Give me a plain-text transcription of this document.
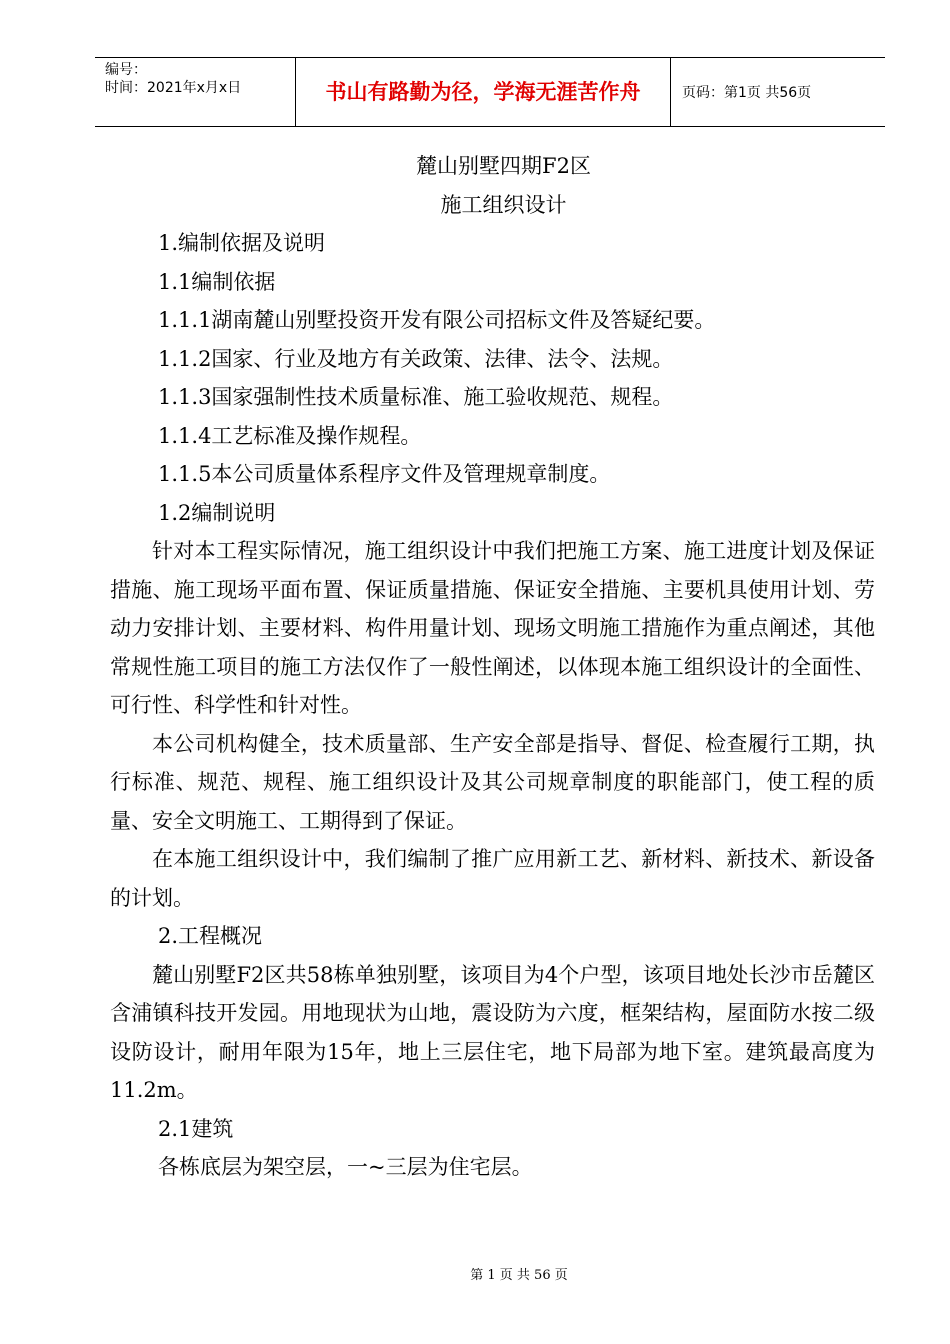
编号：
时间：2021年x月x日	书山有路勤为径，学海无涯苦作舟	页码：第1页 共56页

麓山别墅四期F2区

施工组织设计

1.编制依据及说明

1.1编制依据

1.1.1湖南麓山别墅投资开发有限公司招标文件及答疑纪要。

1.1.2国家、行业及地方有关政策、法律、法令、法规。

1.1.3国家强制性技术质量标准、施工验收规范、规程。

1.1.4工艺标准及操作规程。

1.1.5本公司质量体系程序文件及管理规章制度。

1.2编制说明

针对本工程实际情况，施工组织设计中我们把施工方案、施工进度计划及保证措施、施工现场平面布置、保证质量措施、保证安全措施、主要机具使用计划、劳动力安排计划、主要材料、构件用量计划、现场文明施工措施作为重点阐述，其他常规性施工项目的施工方法仅作了一般性阐述，以体现本施工组织设计的全面性、可行性、科学性和针对性。

本公司机构健全，技术质量部、生产安全部是指导、督促、检查履行工期，执行标准、规范、规程、施工组织设计及其公司规章制度的职能部门，使工程的质量、安全文明施工、工期得到了保证。

在本施工组织设计中，我们编制了推广应用新工艺、新材料、新技术、新设备的计划。

2.工程概况

麓山别墅F2区共58栋单独别墅，该项目为4个户型，该项目地处长沙市岳麓区含浦镇科技开发园。用地现状为山地，震设防为六度，框架结构，屋面防水按二级设防设计，耐用年限为15年，地上三层住宅，地下局部为地下室。建筑最高度为11.2m。

2.1建筑

各栋底层为架空层，一~三层为住宅层。

第 1 页 共 56 页
